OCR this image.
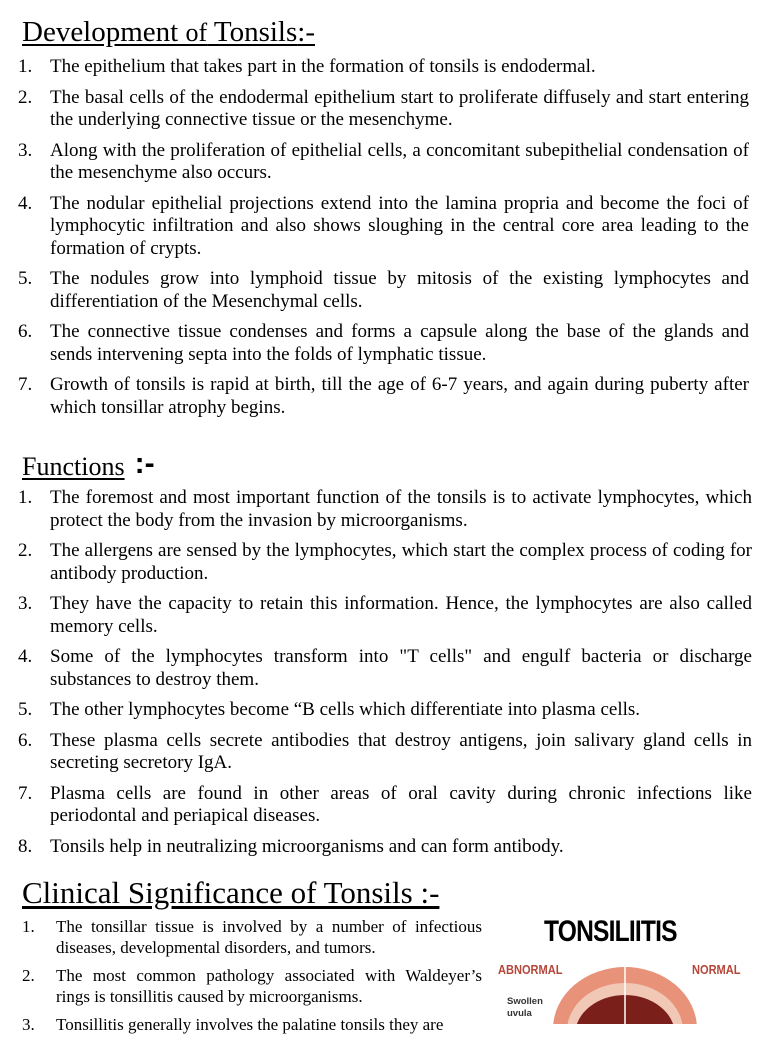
Development of Tonsils:-
1. The epithelium that takes part in the formation of tonsils is endodermal.
2. The basal cells of the endodermal epithelium start to proliferate diffusely and start entering the underlying connective tissue or the mesenchyme.
3. Along with the proliferation of epithelial cells, a concomitant subepithelial condensation of the mesenchyme also occurs.
4. The nodular epithelial projections extend into the lamina propria and become the foci of lymphocytic infiltration and also shows sloughing in the central core area leading to the formation of crypts.
5. The nodules grow into lymphoid tissue by mitosis of the existing lymphocytes and differentiation of the Mesenchymal cells.
6. The connective tissue condenses and forms a capsule along the base of the glands and sends intervening septa into the folds of lymphatic tissue.
7. Growth of tonsils is rapid at birth, till the age of 6-7 years, and again during puberty after which tonsillar atrophy begins.
Functions :-
1. The foremost and most important function of the tonsils is to activate lymphocytes, which protect the body from the invasion by microorganisms.
2. The allergens are sensed by the lymphocytes, which start the complex process of coding for antibody production.
3. They have the capacity to retain this information. Hence, the lymphocytes are also called memory cells.
4. Some of the lymphocytes transform into "T cells" and engulf bacteria or discharge substances to destroy them.
5. The other lymphocytes become “B cells which differentiate into plasma cells.
6. These plasma cells secrete antibodies that destroy antigens, join salivary gland cells in secreting secretory IgA.
7. Plasma cells are found in other areas of oral cavity during chronic infections like periodontal and periapical diseases.
8. Tonsils help in neutralizing microorganisms and can form antibody.
Clinical Significance of Tonsils :-
1. The tonsillar tissue is involved by a number of infectious diseases, developmental disorders, and tumors.
2. The most common pathology associated with Waldeyer’s rings is tonsillitis caused by microorganisms.
3. Tonsillitis generally involves the palatine tonsils they are
TONSILIITIS
ABNORMAL	NORMAL
Swollen
uvula
